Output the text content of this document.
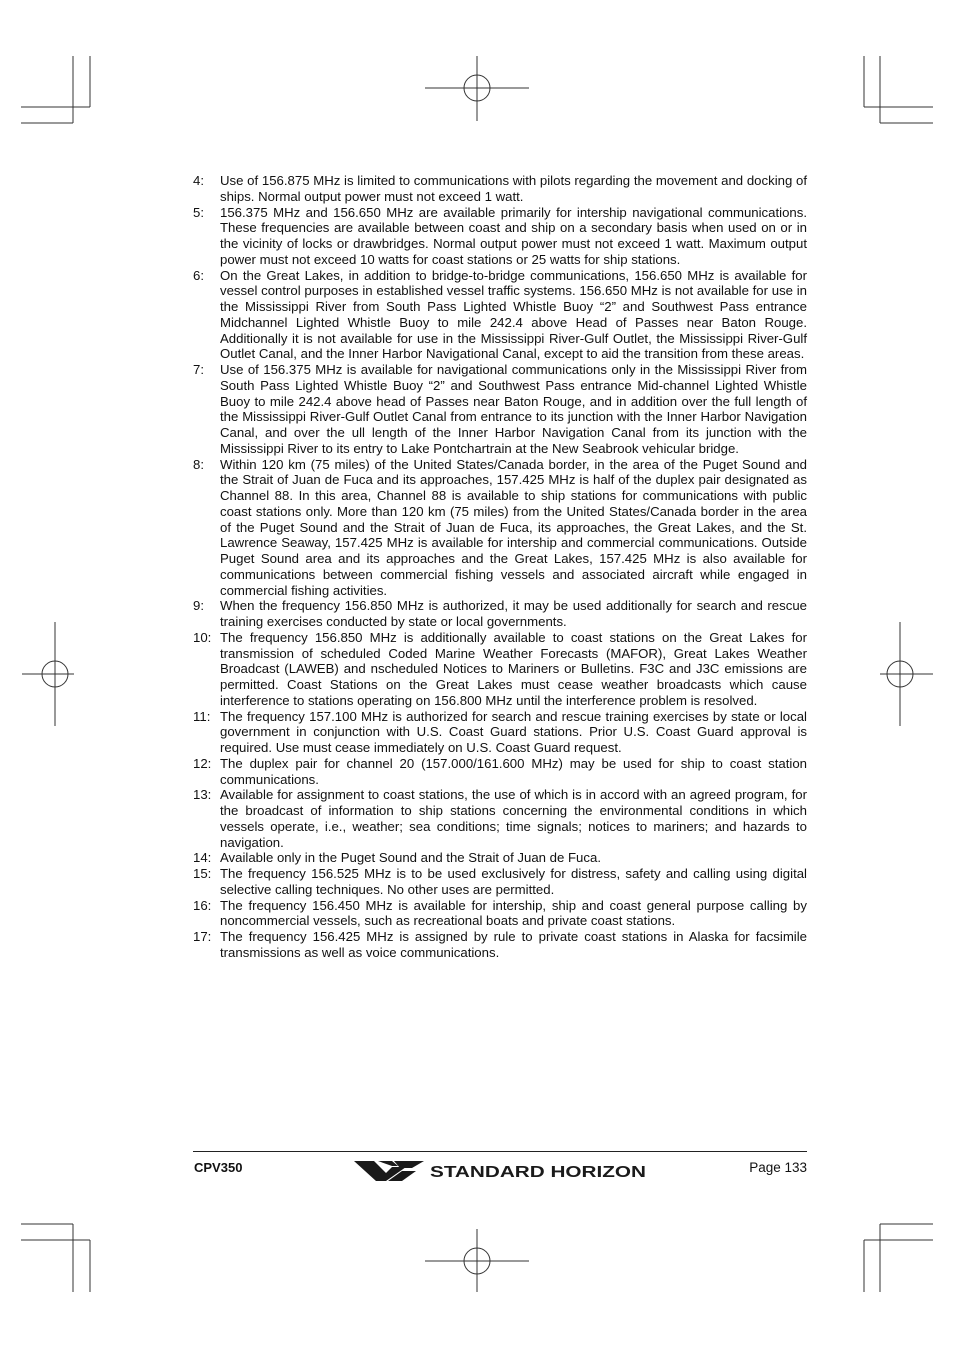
4:	Use of 156.875 MHz is limited to communications with pilots regarding the movement and docking of ships. Normal output power must not exceed 1 watt.
5:	156.375 MHz and 156.650 MHz are available primarily for intership navigational communications. These frequencies are available between coast and ship on a secondary basis when used on or in the vicinity of locks or drawbridges. Normal output power must not exceed 1 watt. Maximum output power must not exceed 10 watts for coast stations or 25 watts for ship stations.
6:	On the Great Lakes, in addition to bridge-to-bridge communications, 156.650 MHz is available for vessel control purposes in established vessel traffic systems. 156.650 MHz is not available for use in the Mississippi River from South Pass Lighted Whistle Buoy “2” and Southwest Pass entrance Midchannel Lighted Whistle Buoy to mile 242.4 above Head of Passes near Baton Rouge. Additionally it is not available for use in the Mississippi River-Gulf Outlet, the Mississippi River-Gulf Outlet Canal, and the Inner Harbor Navigational Canal, except to aid the transition from these areas.
7:	Use of 156.375 MHz is available for navigational communications only in the Mississippi River from South Pass Lighted Whistle Buoy “2” and Southwest Pass entrance Mid-channel Lighted Whistle Buoy to mile 242.4 above head of Passes near Baton Rouge, and in addition over the full length of the Mississippi River-Gulf Outlet Canal from entrance to its junction with the Inner Harbor Navigation Canal, and over the ull length of the Inner Harbor Navigation Canal from its junction with the Mississippi River to its entry to Lake Pontchartrain at the New Seabrook vehicular bridge.
8:	Within 120 km (75 miles) of the United States/Canada border, in the area of the Puget Sound and the Strait of Juan de Fuca and its approaches, 157.425 MHz is half of the duplex pair designated as Channel 88. In this area, Channel 88 is available to ship stations for communications with public coast stations only. More than 120 km (75 miles) from the United States/Canada border in the area of the Puget Sound and the Strait of Juan de Fuca, its approaches, the Great Lakes, and the St. Lawrence Seaway, 157.425 MHz is available for intership and commercial communications. Outside Puget Sound area and its approaches and the Great Lakes, 157.425 MHz is also available for communications between commercial fishing vessels and associated aircraft while engaged in commercial fishing activities.
9:	When the frequency 156.850 MHz is authorized, it may be used additionally for search and rescue training exercises conducted by state or local governments.
10: The frequency 156.850 MHz is additionally available to coast stations on the Great Lakes for transmission of scheduled Coded Marine Weather Forecasts (MAFOR), Great Lakes Weather Broadcast (LAWEB) and nscheduled Notices to Mariners or Bulletins. F3C and J3C emissions are permitted. Coast Stations on the Great Lakes must cease weather broadcasts which cause interference to stations operating on 156.800 MHz until the interference problem is resolved.
11: The frequency 157.100 MHz is authorized for search and rescue training exercises by state or local government in conjunction with U.S. Coast Guard stations. Prior U.S. Coast Guard approval is required. Use must cease immediately on U.S. Coast Guard request.
12: The duplex pair for channel 20 (157.000/161.600 MHz) may be used for ship to coast station communications.
13: Available for assignment to coast stations, the use of which is in accord with an agreed program, for the broadcast of information to ship stations concerning the environmental conditions in which vessels operate, i.e., weather; sea conditions; time signals; notices to mariners; and hazards to navigation.
14: Available only in the Puget Sound and the Strait of Juan de Fuca.
15: The frequency 156.525 MHz is to be used exclusively for distress, safety and calling using digital selective calling techniques. No other uses are permitted.
16: The frequency 156.450 MHz is available for intership, ship and coast general purpose calling by noncommercial vessels, such as recreational boats and private coast stations.
17: The frequency 156.425 MHz is assigned by rule to private coast stations in Alaska for facsimile transmissions as well as voice communications.
CPV350	STANDARD HORIZON	Page 133
